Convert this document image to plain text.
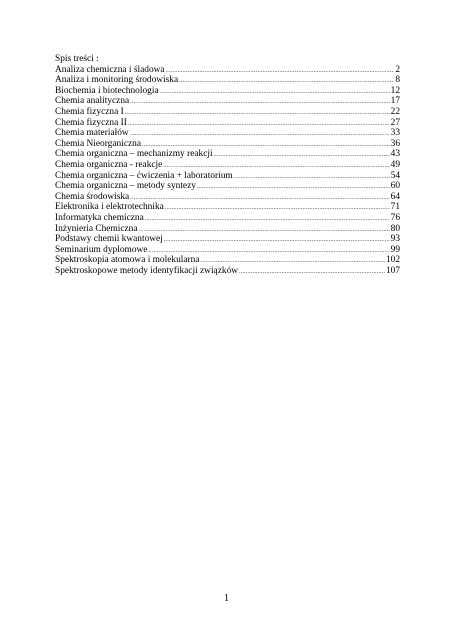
Spis treści :
Analiza chemiczna i śladowa .....	2
Analiza i monitoring środowiska .....	8
Biochemia i biotechnologia .....	12
Chemia analityczna .....	17
Chemia fizyczna I .....	22
Chemia fizyczna II .....	27
Chemia materiałów .....	33
Chemia Nieorganiczna .....	36
Chemia organiczna – mechanizmy reakcji .....	43
Chemia organiczna - reakcje .....	49
Chemia organiczna – ćwiczenia + laboratorium .....	54
Chemia organiczna – metody syntezy .....	60
Chemia środowiska .....	64
Elektronika i elektrotechnika .....	71
Informatyka chemiczna .....	76
Inżynieria Chemiczna .....	80
Podstawy chemii kwantowej .....	93
Seminarium dyplomowe .....	99
Spektroskopia atomowa i molekularna .....	102
Spektroskopowe metody identyfikacji związków .....	107
1
